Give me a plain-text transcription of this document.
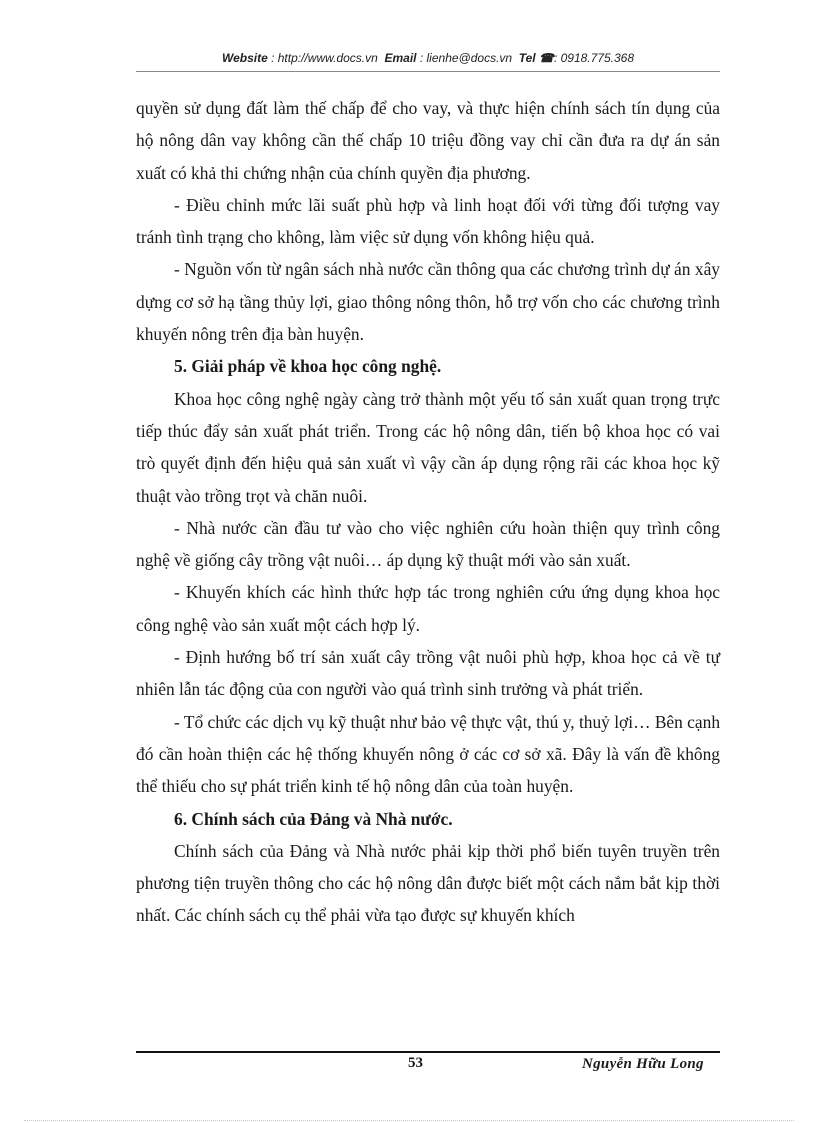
Website : http://www.docs.vn Email : lienhe@docs.vn Tel ☎: 0918.775.368

quyền sử dụng đất làm thế chấp để cho vay, và thực hiện chính sách tín dụng của hộ nông dân vay không cần thế chấp 10 triệu đồng vay chỉ cần đưa ra dự án sản xuất có khả thi chứng nhận của chính quyền địa phương.

- Điều chỉnh mức lãi suất phù hợp và linh hoạt đối với từng đối tượng vay tránh tình trạng cho không, làm việc sử dụng vốn không hiệu quả.

- Nguồn vốn từ ngân sách nhà nước cần thông qua các chương trình dự án xây dựng cơ sở hạ tầng thủy lợi, giao thông nông thôn, hỗ trợ vốn cho các chương trình khuyến nông trên địa bàn huyện.

5. Giải pháp về khoa học công nghệ.

Khoa học công nghệ ngày càng trở thành một yếu tố sản xuất quan trọng trực tiếp thúc đẩy sản xuất phát triển. Trong các hộ nông dân, tiến bộ khoa học có vai trò quyết định đến hiệu quả sản xuất vì vậy cần áp dụng rộng rãi các khoa học kỹ thuật vào trồng trọt và chăn nuôi.

- Nhà nước cần đầu tư vào cho việc nghiên cứu hoàn thiện quy trình công nghệ về giống cây trồng vật nuôi… áp dụng kỹ thuật mới vào sản xuất.

- Khuyến khích các hình thức hợp tác trong nghiên cứu ứng dụng khoa học công nghệ vào sản xuất một cách hợp lý.

- Định hướng bố trí sản xuất cây trồng vật nuôi phù hợp, khoa học cả về tự nhiên lẫn tác động của con người vào quá trình sinh trưởng và phát triển.

- Tổ chức các dịch vụ kỹ thuật như bảo vệ thực vật, thú y, thuỷ lợi… Bên cạnh đó cần hoàn thiện các hệ thống khuyến nông ở các cơ sở xã. Đây là vấn đề không thể thiếu cho sự phát triển kinh tế hộ nông dân của toàn huyện.

6. Chính sách của Đảng và Nhà nước.

Chính sách của Đảng và Nhà nước phải kịp thời phổ biến tuyên truyền trên phương tiện truyền thông cho các hộ nông dân được biết một cách nắm bắt kịp thời nhất. Các chính sách cụ thể phải vừa tạo được sự khuyến khích

53	Nguyễn Hữu Long
